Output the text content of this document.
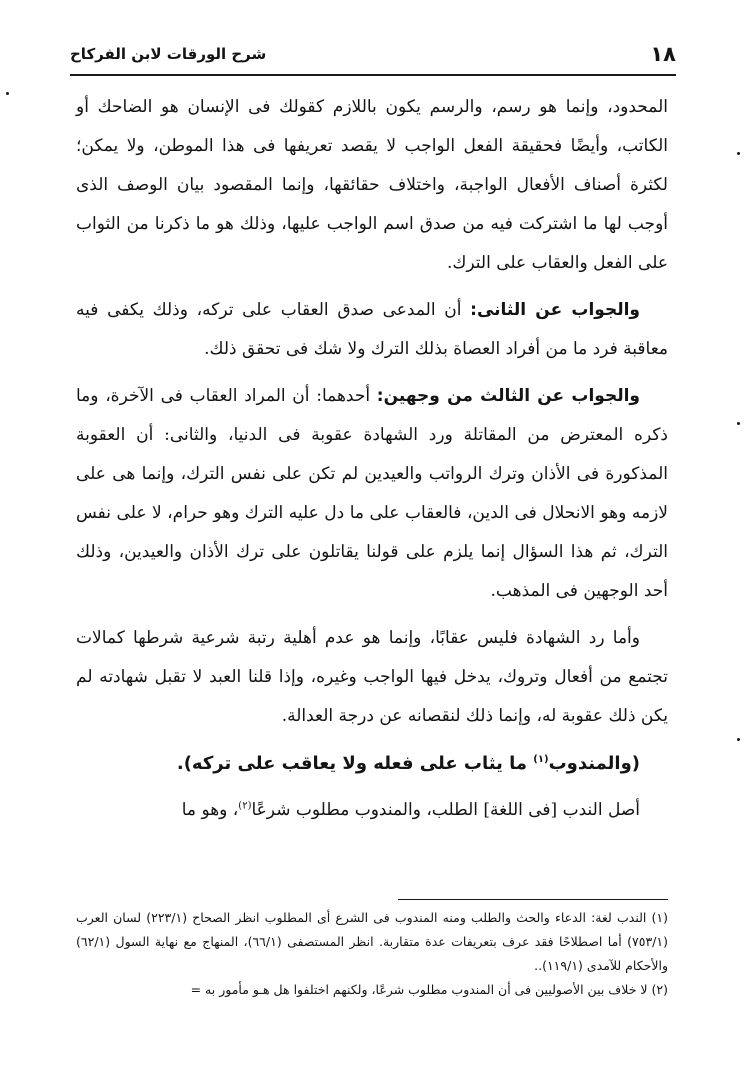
١٨
شرح الورقات لابن الفركاح

المحدود، وإنما هو رسم، والرسم يكون باللازم كقولك فى الإنسان هو الضاحك أو الكاتب، وأيضًا فحقيقة الفعل الواجب لا يقصد تعريفها فى هذا الموطن، ولا يمكن؛ لكثرة أصناف الأفعال الواجبة، واختلاف حقائقها، وإنما المقصود بيان الوصف الذى أوجب لها ما اشتركت فيه من صدق اسم الواجب عليها، وذلك هو ما ذكرنا من الثواب على الفعل والعقاب على الترك.

والجواب عن الثانى: أن المدعى صدق العقاب على تركه، وذلك يكفى فيه معاقبة فرد ما من أفراد العصاة بذلك الترك ولا شك فى تحقق ذلك.

والجواب عن الثالث من وجهين: أحدهما: أن المراد العقاب فى الآخرة، وما ذكره المعترض من المقاتلة ورد الشهادة عقوبة فى الدنيا، والثانى: أن العقوبة المذكورة فى الأذان وترك الرواتب والعيدين لم تكن على نفس الترك، وإنما هى على لازمه وهو الانحلال فى الدين، فالعقاب على ما دل عليه الترك وهو حرام، لا على نفس الترك، ثم هذا السؤال إنما يلزم على قولنا يقاتلون على ترك الأذان والعيدين، وذلك أحد الوجهين فى المذهب.

وأما رد الشهادة فليس عقابًا، وإنما هو عدم أهلية رتبة شرعية شرطها كمالات تجتمع من أفعال وتروك، يدخل فيها الواجب وغيره، وإذا قلنا العبد لا تقبل شهادته لم يكن ذلك عقوبة له، وإنما ذلك لنقصانه عن درجة العدالة.

(والمندوب$^{(١)}$ ما يثاب على فعله ولا يعاقب على تركه).

أصل الندب [فى اللغة] الطلب، والمندوب مطلوب شرعًا$^{(٢)}$، وهو ما

(١) الندب لغة: الدعاء والحث والطلب ومنه المندوب فى الشرع أى المطلوب انظر الصحاح (٢٢٣/١) لسان العرب (٧٥٣/١) أما اصطلاحًا فقد عرف بتعريفات عدة متقاربة. انظر المستصفى (٦٦/١)، المنهاج مع نهاية السول (٦٢/١) والأحكام للآمدى (١١٩/١)..

(٢) لا خلاف بين الأصوليين فى أن المندوب مطلوب شرعًا، ولكنهم اختلفوا هل هـو مأمور به =
